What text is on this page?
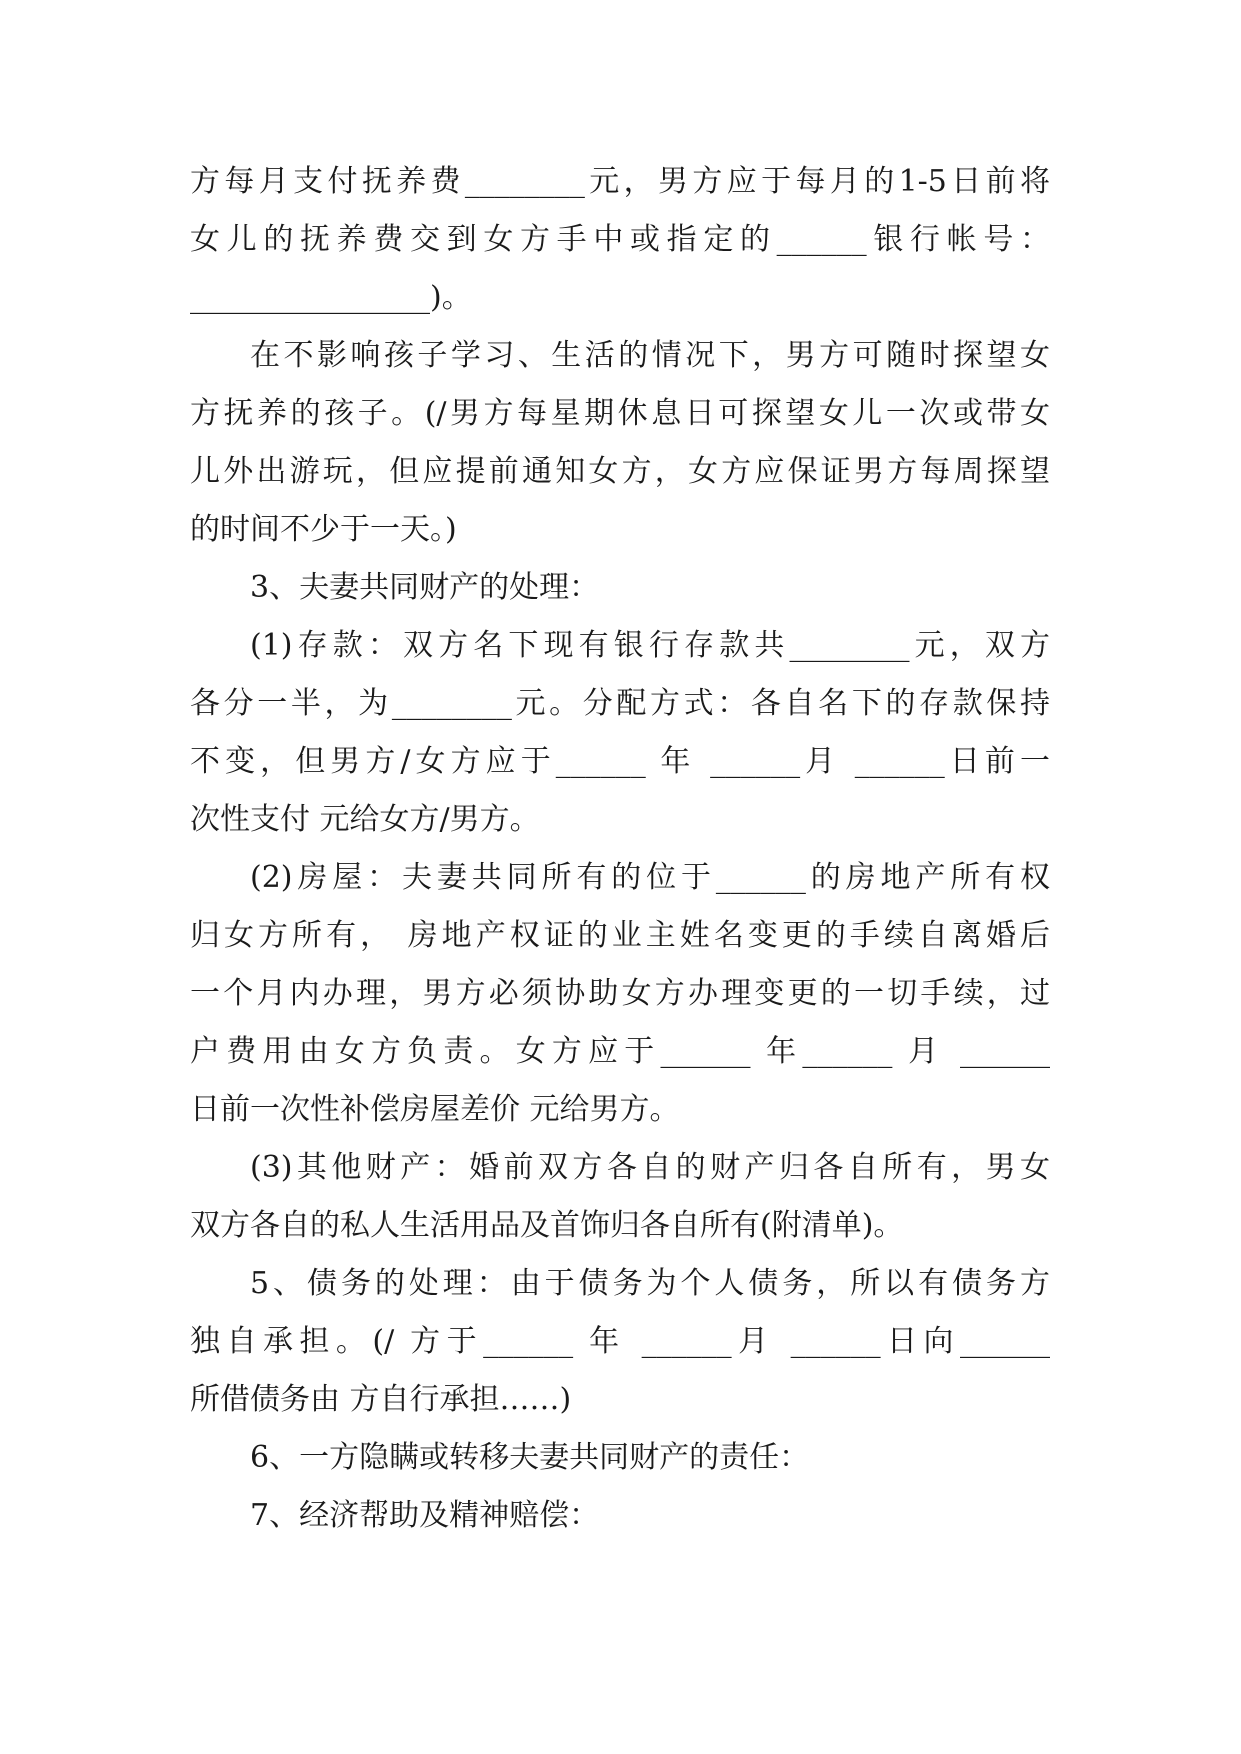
方每月支付抚养费________元，男方应于每月的1-5日前将
女儿的抚养费交到女方手中或指定的______银行帐号：
________________)。
在不影响孩子学习、生活的情况下，男方可随时探望女
方抚养的孩子。(/男方每星期休息日可探望女儿一次或带女
儿外出游玩，但应提前通知女方，女方应保证男方每周探望
的时间不少于一天。)
3、夫妻共同财产的处理：
(1)存款：双方名下现有银行存款共________元，双方
各分一半，为________元。分配方式：各自名下的存款保持
不变，但男方/女方应于______ 年 ______月 ______日前一
次性支付 元给女方/男方。
(2)房屋：夫妻共同所有的位于______的房地产所有权
归女方所有， 房地产权证的业主姓名变更的手续自离婚后
一个月内办理，男方必须协助女方办理变更的一切手续，过
户费用由女方负责。女方应于______ 年______ 月 ______
日前一次性补偿房屋差价 元给男方。
(3)其他财产：婚前双方各自的财产归各自所有，男女
双方各自的私人生活用品及首饰归各自所有(附清单)。
5、债务的处理：由于债务为个人债务，所以有债务方
独自承担。(/ 方于______ 年 ______月 ______日向______
所借债务由 方自行承担……)
6、一方隐瞒或转移夫妻共同财产的责任：
7、经济帮助及精神赔偿：
